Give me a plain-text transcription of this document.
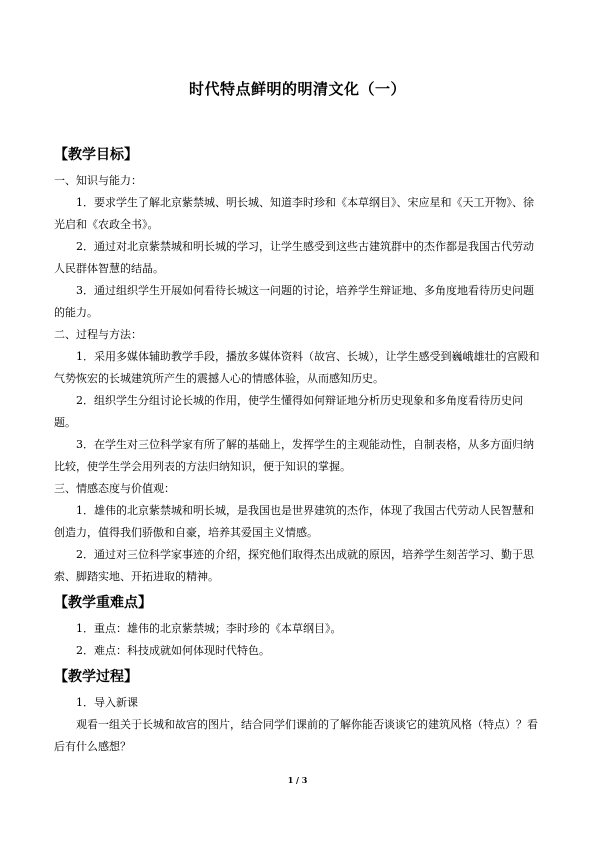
时代特点鲜明的明清文化（一）
【教学目标】

一、知识与能力：

1．要求学生了解北京紫禁城、明长城、知道李时珍和《本草纲目》、宋应星和《天工开物》、徐光启和《农政全书》。

2．通过对北京紫禁城和明长城的学习，让学生感受到这些古建筑群中的杰作都是我国古代劳动人民群体智慧的结晶。

3．通过组织学生开展如何看待长城这一问题的讨论，培养学生辩证地、多角度地看待历史问题的能力。

二、过程与方法：

1．采用多媒体辅助教学手段，播放多媒体资料（故宫、长城），让学生感受到巍峨雄壮的宫殿和气势恢宏的长城建筑所产生的震撼人心的情感体验，从而感知历史。

2．组织学生分组讨论长城的作用，使学生懂得如何辩证地分析历史现象和多角度看待历史问题。

3．在学生对三位科学家有所了解的基础上，发挥学生的主观能动性，自制表格，从多方面归纳比较，使学生学会用列表的方法归纳知识，便于知识的掌握。

三、情感态度与价值观：

1．雄伟的北京紫禁城和明长城，是我国也是世界建筑的杰作，体现了我国古代劳动人民智慧和创造力，值得我们骄傲和自豪，培养其爱国主义情感。

2．通过对三位科学家事迹的介绍，探究他们取得杰出成就的原因，培养学生刻苦学习、勤于思索、脚踏实地、开拓进取的精神。

【教学重难点】

1．重点：雄伟的北京紫禁城；李时珍的《本草纲目》。

2．难点：科技成就如何体现时代特色。

【教学过程】

1．导入新课

观看一组关于长城和故宫的图片，结合同学们课前的了解你能否谈谈它的建筑风格（特点）？看后有什么感想？

1 / 3
